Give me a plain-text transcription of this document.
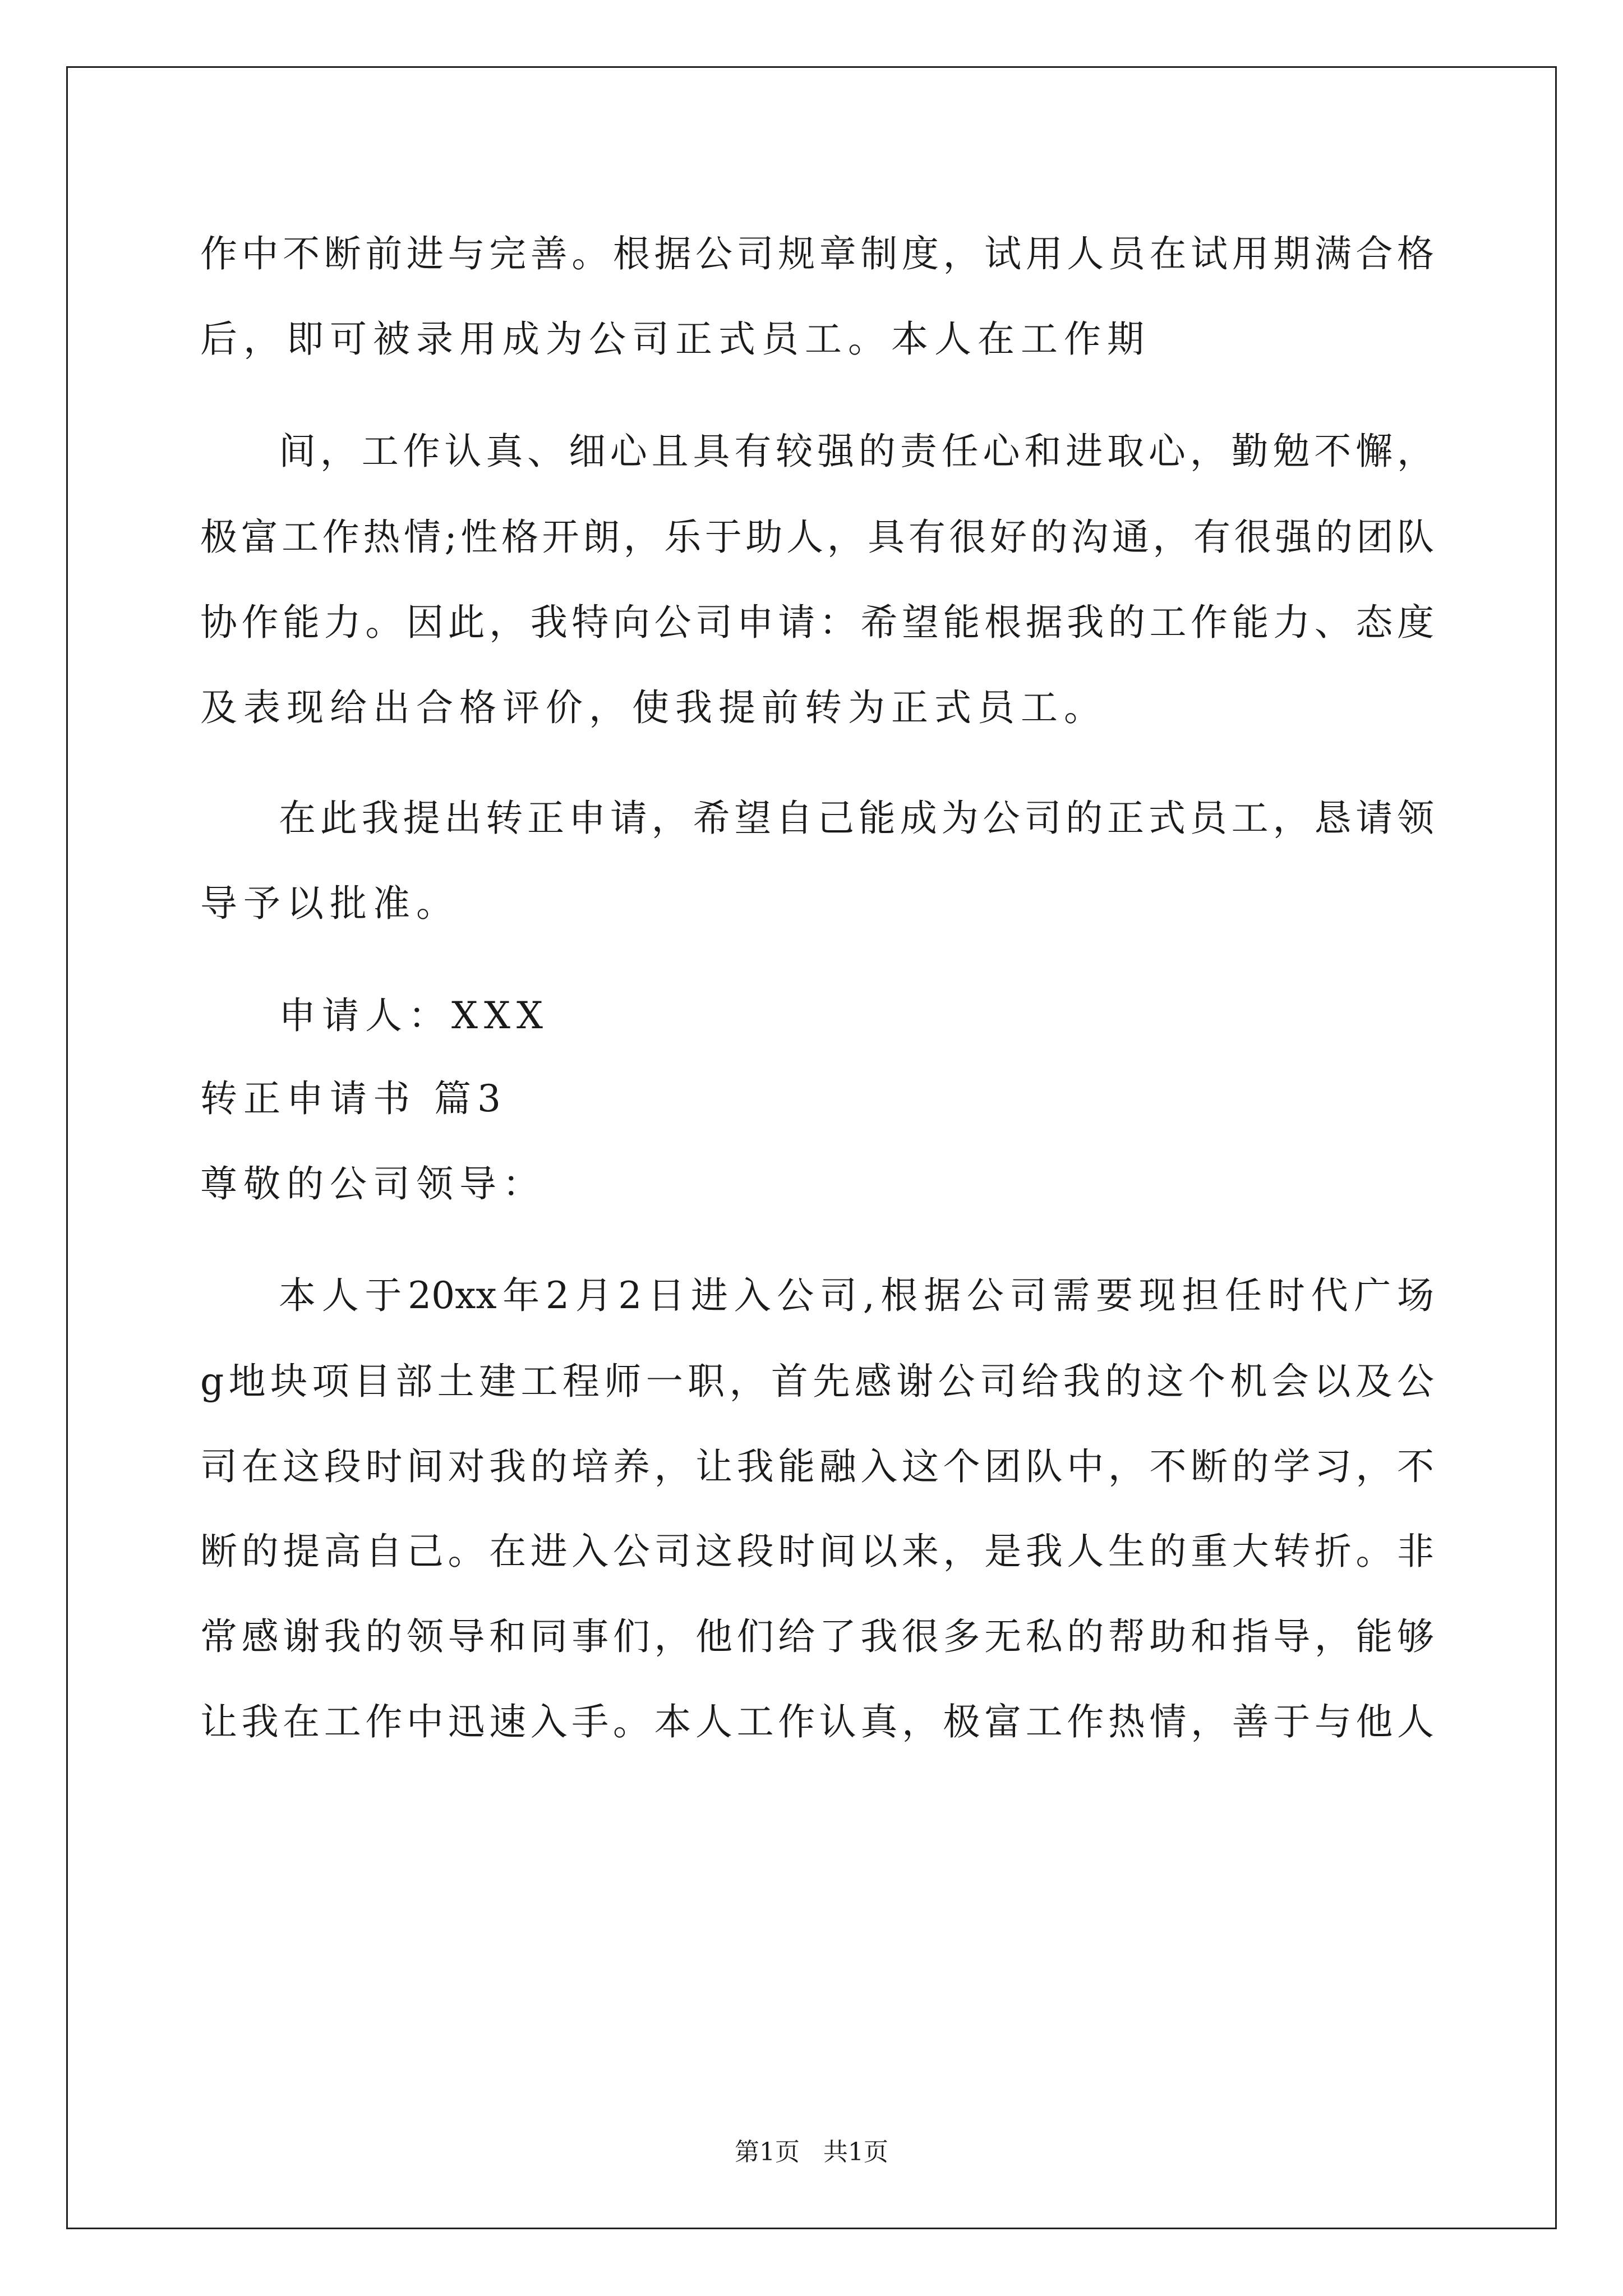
作中不断前进与完善。根据公司规章制度，试用人员在试用期满合格
后，即可被录用成为公司正式员工。本人在工作期
间，工作认真、细心且具有较强的责任心和进取心，勤勉不懈，
极富工作热情;性格开朗，乐于助人，具有很好的沟通，有很强的团队
协作能力。因此，我特向公司申请：希望能根据我的工作能力、态度
及表现给出合格评价，使我提前转为正式员工。
在此我提出转正申请，希望自己能成为公司的正式员工，恳请领
导予以批准。
申请人：XXX
转正申请书 篇3
尊敬的公司领导：
本人于20xx年2月2日进入公司,根据公司需要现担任时代广场
g地块项目部土建工程师一职，首先感谢公司给我的这个机会以及公
司在这段时间对我的培养，让我能融入这个团队中，不断的学习，不
断的提高自己。在进入公司这段时间以来，是我人生的重大转折。非
常感谢我的领导和同事们，他们给了我很多无私的帮助和指导，能够
让我在工作中迅速入手。本人工作认真，极富工作热情，善于与他人
第1页 共1页
